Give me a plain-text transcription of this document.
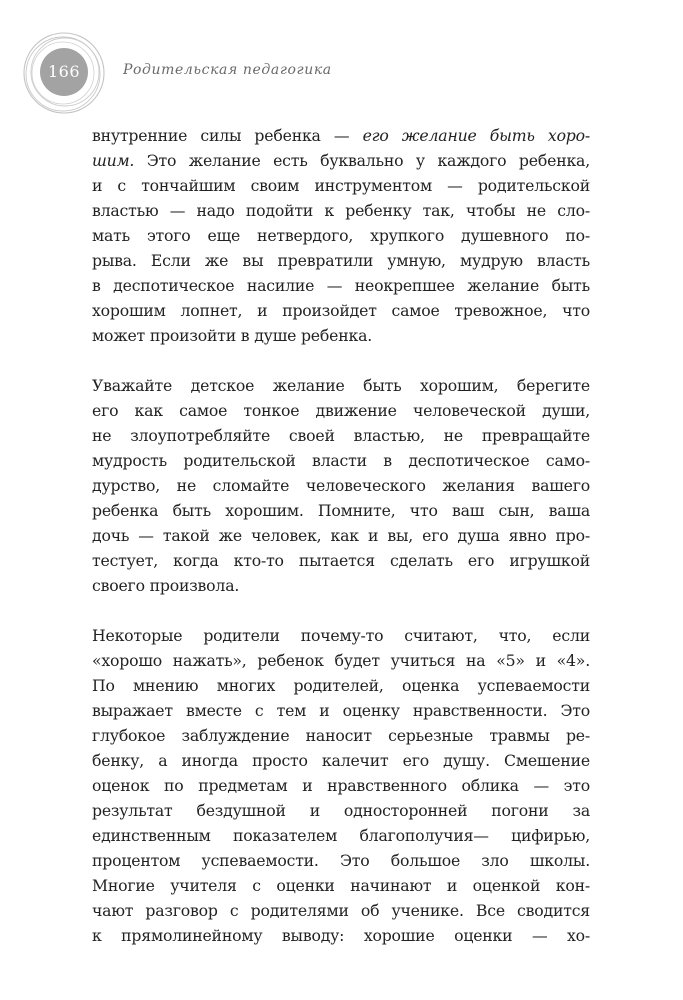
166	Родительская педагогика
внутренние силы ребенка — его желание быть хоро-
шим. Это желание есть буквально у каждого ребенка,
и с тончайшим своим инструментом — родительской
властью — надо подойти к ребенку так, чтобы не сло-
мать этого еще нетвердого, хрупкого душевного по-
рыва. Если же вы превратили умную, мудрую власть
в деспотическое насилие — неокрепшее желание быть
хорошим лопнет, и произойдет самое тревожное, что
может произойти в душе ребенка.
Уважайте детское желание быть хорошим, берегите
его как самое тонкое движение человеческой души,
не злоупотребляйте своей властью, не превращайте
мудрость родительской власти в деспотическое само-
дурство, не сломайте человеческого желания вашего
ребенка быть хорошим. Помните, что ваш сын, ваша
дочь — такой же человек, как и вы, его душа явно про-
тестует, когда кто-то пытается сделать его игрушкой
своего произвола.
Некоторые родители почему-то считают, что, если
«хорошо нажать», ребенок будет учиться на «5» и «4».
По мнению многих родителей, оценка успеваемости
выражает вместе с тем и оценку нравственности. Это
глубокое заблуждение наносит серьезные травмы ре-
бенку, а иногда просто калечит его душу. Смешение
оценок по предметам и нравственного облика — это
результат бездушной и односторонней погони за
единственным показателем благополучия— цифирью,
процентом успеваемости. Это большое зло школы.
Многие учителя с оценки начинают и оценкой кон-
чают разговор с родителями об ученике. Все сводится
к прямолинейному выводу: хорошие оценки — хо-
